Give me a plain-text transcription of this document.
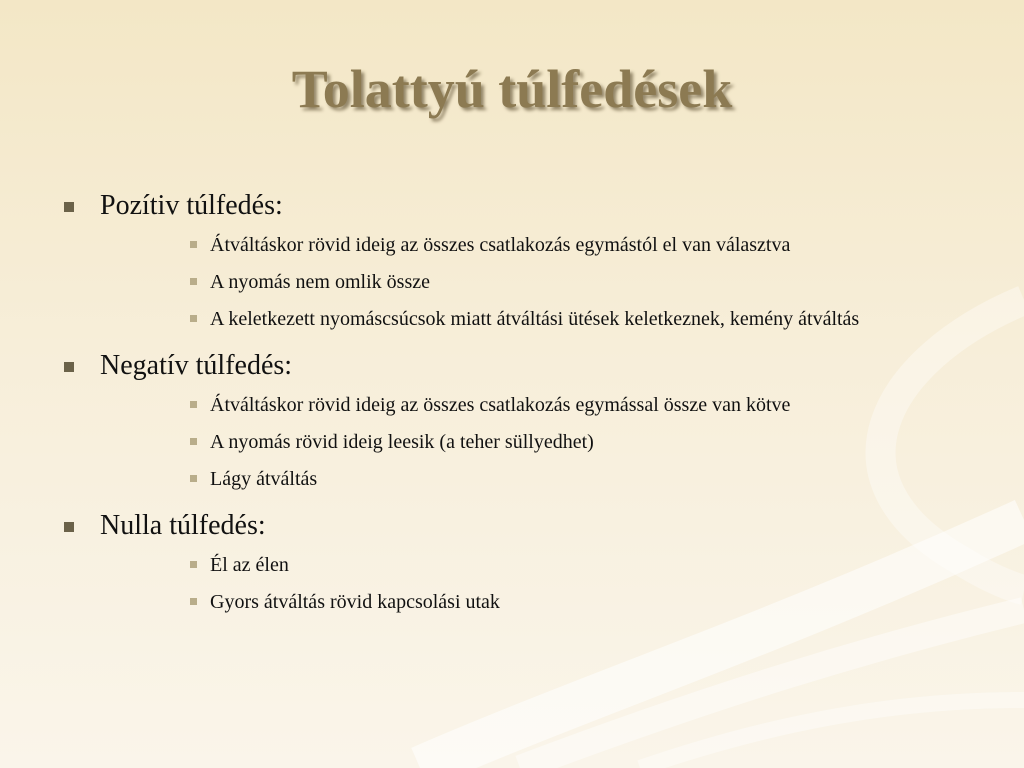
Tolattyú túlfedések
Pozítiv túlfedés:
Átváltáskor rövid ideig az összes csatlakozás egymástól el van választva
A nyomás nem omlik össze
A keletkezett nyomáscsúcsok miatt átváltási ütések keletkeznek, kemény átváltás
Negatív túlfedés:
Átváltáskor rövid ideig az összes csatlakozás egymással össze van kötve
A nyomás rövid ideig leesik (a teher süllyedhet)
Lágy átváltás
Nulla túlfedés:
Él az élen
Gyors átváltás rövid kapcsolási utak
